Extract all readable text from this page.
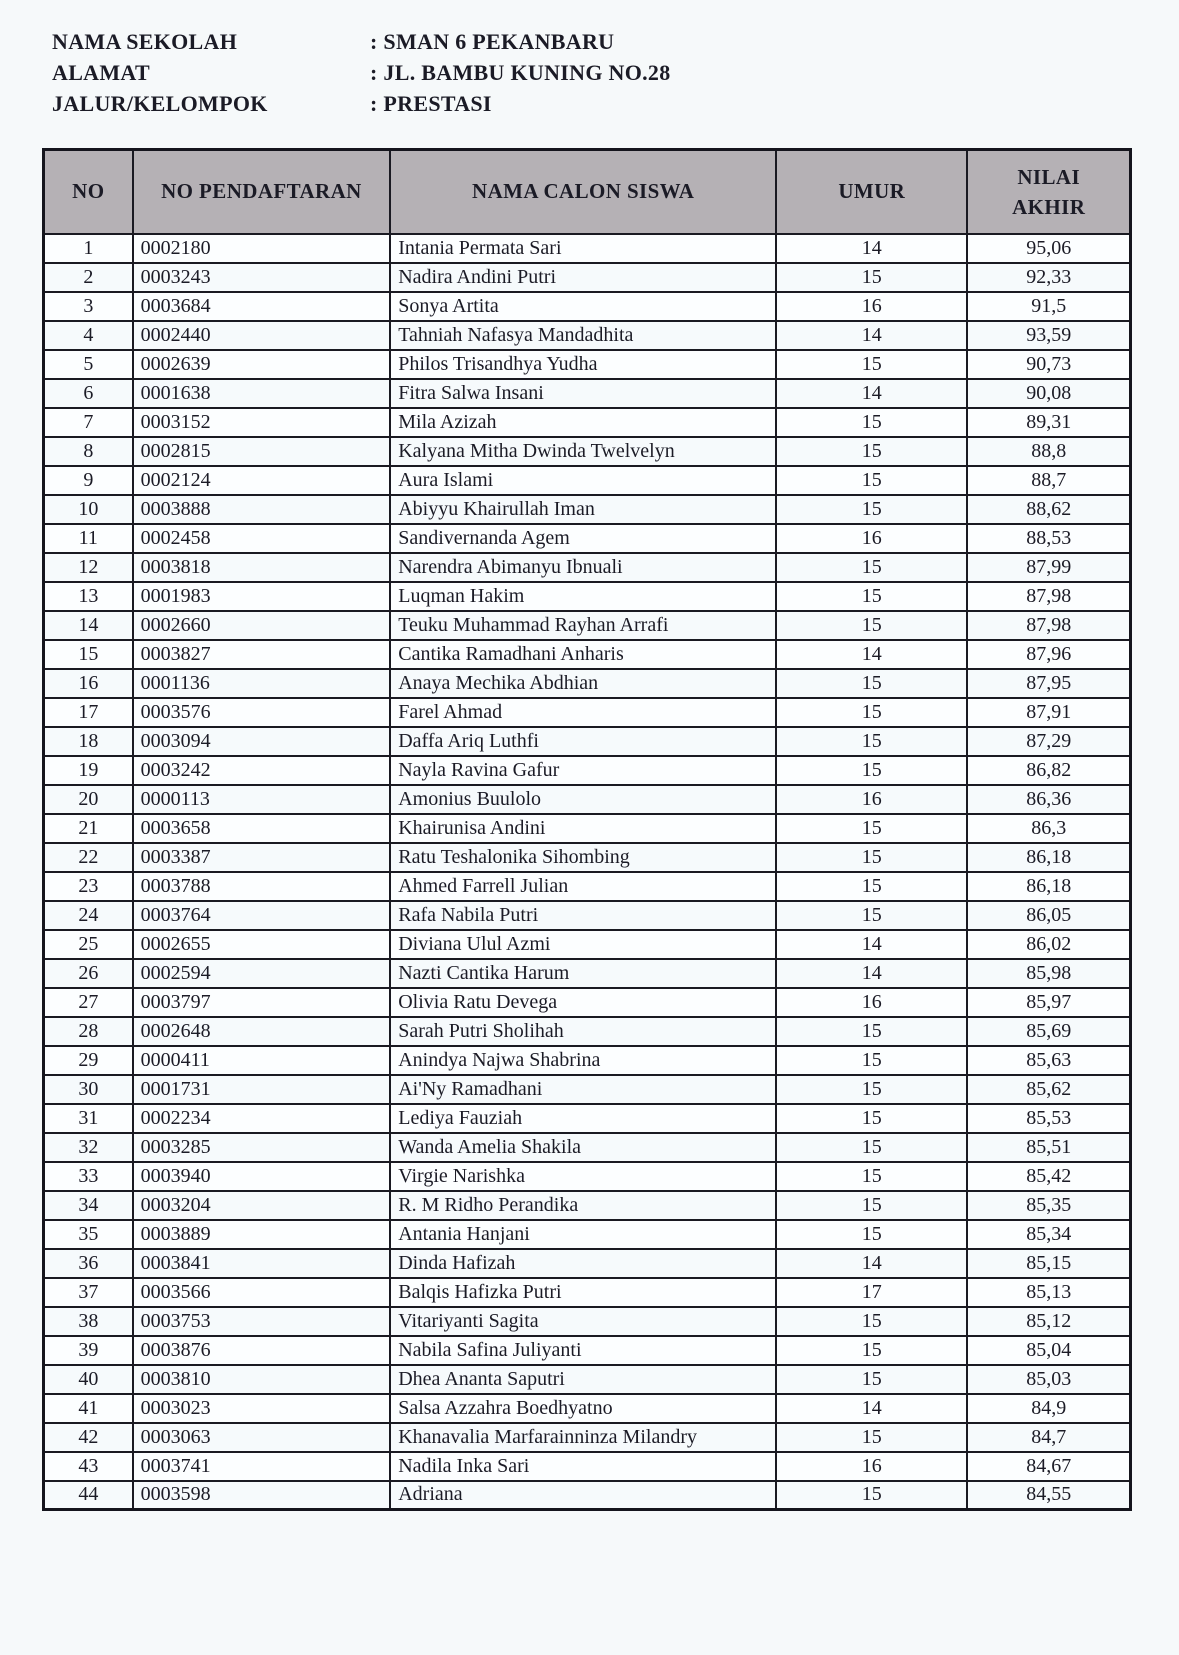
NAMA SEKOLAH	: SMAN 6 PEKANBARU
ALAMAT	: JL. BAMBU KUNING NO.28
JALUR/KELOMPOK	: PRESTASI
NO	NO PENDAFTARAN	NAMA CALON SISWA	UMUR	NILAI AKHIR
1	0002180	Intania Permata Sari	14	95,06
2	0003243	Nadira Andini Putri	15	92,33
3	0003684	Sonya Artita	16	91,5
4	0002440	Tahniah Nafasya Mandadhita	14	93,59
5	0002639	Philos Trisandhya Yudha	15	90,73
6	0001638	Fitra Salwa Insani	14	90,08
7	0003152	Mila Azizah	15	89,31
8	0002815	Kalyana Mitha Dwinda Twelvelyn	15	88,8
9	0002124	Aura Islami	15	88,7
10	0003888	Abiyyu Khairullah Iman	15	88,62
11	0002458	Sandivernanda Agem	16	88,53
12	0003818	Narendra Abimanyu Ibnuali	15	87,99
13	0001983	Luqman Hakim	15	87,98
14	0002660	Teuku Muhammad Rayhan Arrafi	15	87,98
15	0003827	Cantika Ramadhani Anharis	14	87,96
16	0001136	Anaya Mechika Abdhian	15	87,95
17	0003576	Farel Ahmad	15	87,91
18	0003094	Daffa Ariq Luthfi	15	87,29
19	0003242	Nayla Ravina Gafur	15	86,82
20	0000113	Amonius Buulolo	16	86,36
21	0003658	Khairunisa Andini	15	86,3
22	0003387	Ratu Teshalonika Sihombing	15	86,18
23	0003788	Ahmed Farrell Julian	15	86,18
24	0003764	Rafa Nabila Putri	15	86,05
25	0002655	Diviana Ulul Azmi	14	86,02
26	0002594	Nazti Cantika Harum	14	85,98
27	0003797	Olivia Ratu Devega	16	85,97
28	0002648	Sarah Putri Sholihah	15	85,69
29	0000411	Anindya Najwa Shabrina	15	85,63
30	0001731	Ai'Ny Ramadhani	15	85,62
31	0002234	Lediya Fauziah	15	85,53
32	0003285	Wanda Amelia Shakila	15	85,51
33	0003940	Virgie Narishka	15	85,42
34	0003204	R. M Ridho Perandika	15	85,35
35	0003889	Antania Hanjani	15	85,34
36	0003841	Dinda Hafizah	14	85,15
37	0003566	Balqis Hafizka Putri	17	85,13
38	0003753	Vitariyanti Sagita	15	85,12
39	0003876	Nabila Safina Juliyanti	15	85,04
40	0003810	Dhea Ananta Saputri	15	85,03
41	0003023	Salsa Azzahra Boedhyatno	14	84,9
42	0003063	Khanavalia Marfarainninza Milandry	15	84,7
43	0003741	Nadila Inka Sari	16	84,67
44	0003598	Adriana	15	84,55
